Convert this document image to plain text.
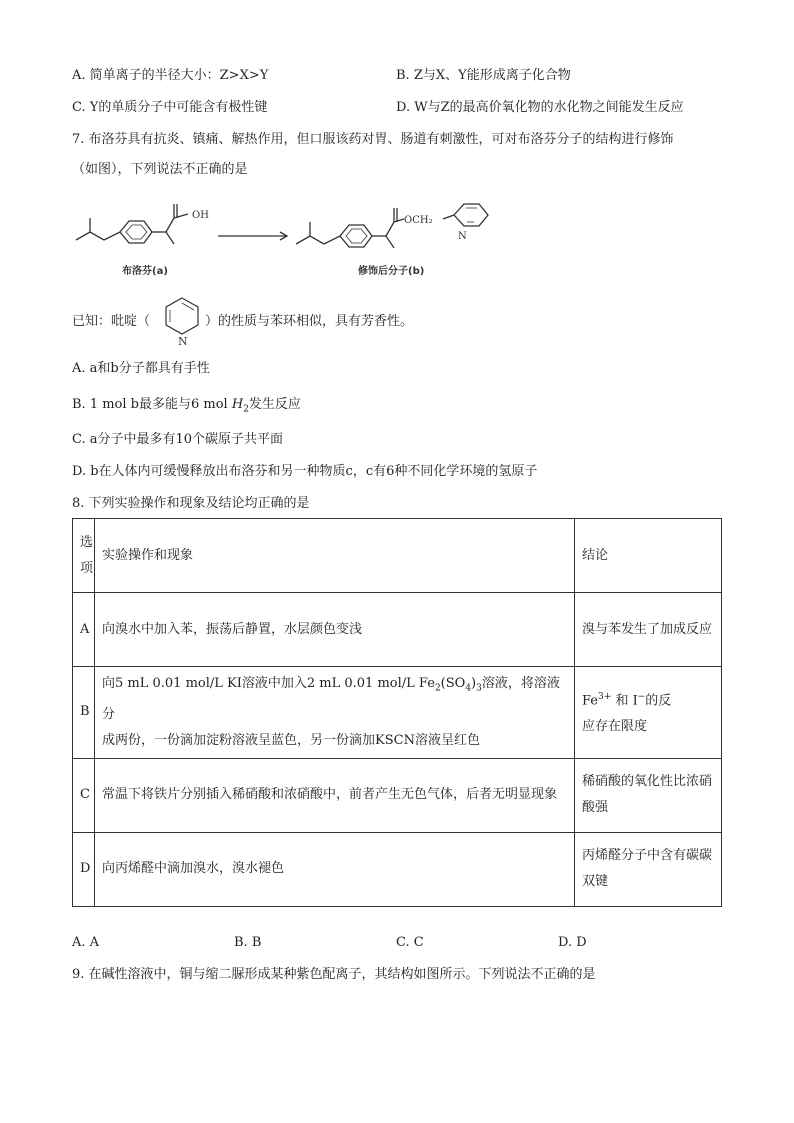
A. 简单离子的半径大小：Z>X>Y	B. Z与X、Y能形成离子化合物
C. Y的单质分子中可能含有极性键	D. W与Z的最高价氧化物的水化物之间能发生反应
7. 布洛芬具有抗炎、镇痛、解热作用，但口服该药对胃、肠道有刺激性，可对布洛芬分子的结构进行修饰
（如图），下列说法不正确的是
OH	OCH₂
N
布洛芬(a)	修饰后分子(b)
已知：吡啶（
N
）的性质与苯环相似，具有芳香性。
A. a和b分子都具有手性
B. 1 mol b最多能与6 mol $H_2$发生反应
C. a分子中最多有10个碳原子共平面
D. b在人体内可缓慢释放出布洛芬和另一种物质c，c有6种不同化学环境的氢原子
8. 下列实验操作和现象及结论均正确的是
选项	实验操作和现象	结论
A	向溴水中加入苯，振荡后静置，水层颜色变浅	溴与苯发生了加成反应
B	向5 mL 0.01 mol/L KI溶液中加入2 mL 0.01 mol/L $Fe_2(SO_4)_3$溶液，将溶液分
成两份，一份滴加淀粉溶液呈蓝色，另一份滴加KSCN溶液呈红色	$Fe^{3+}$ 和 I−的反
应存在限度
C	常温下将铁片分别插入稀硝酸和浓硝酸中，前者产生无色气体，后者无明显现象	稀硝酸的氧化性比浓硝酸强
D	向丙烯醛中滴加溴水，溴水褪色	丙烯醛分子中含有碳碳双键
A. A	B. B	C. C	D. D
9. 在碱性溶液中，铜与缩二脲形成某种紫色配离子，其结构如图所示。下列说法不正确的是
